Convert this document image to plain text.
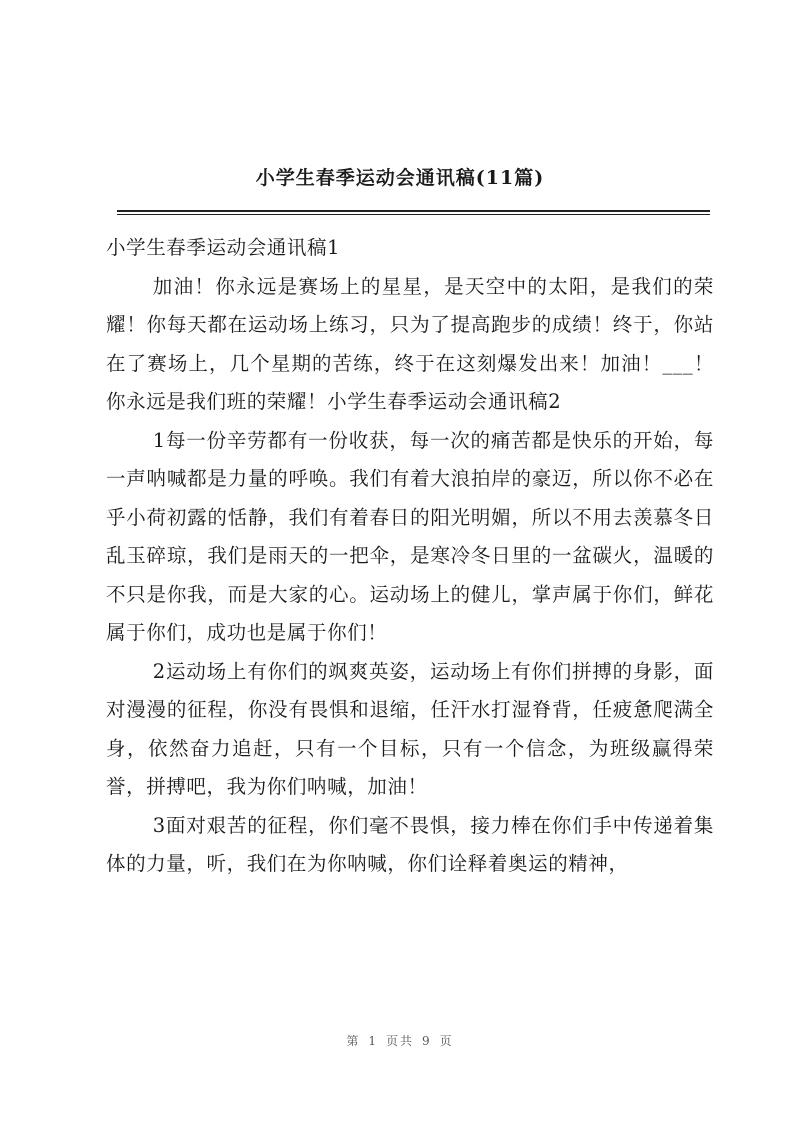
小学生春季运动会通讯稿(11篇)

小学生春季运动会通讯稿1

加油！你永远是赛场上的星星，是天空中的太阳，是我们的荣耀！你每天都在运动场上练习，只为了提高跑步的成绩！终于，你站在了赛场上，几个星期的苦练，终于在这刻爆发出来！加油！___！你永远是我们班的荣耀！小学生春季运动会通讯稿2

1每一份辛劳都有一份收获，每一次的痛苦都是快乐的开始，每一声呐喊都是力量的呼唤。我们有着大浪拍岸的豪迈，所以你不必在乎小荷初露的恬静，我们有着春日的阳光明媚，所以不用去羡慕冬日乱玉碎琼，我们是雨天的一把伞，是寒冷冬日里的一盆碳火，温暖的不只是你我，而是大家的心。运动场上的健儿，掌声属于你们，鲜花属于你们，成功也是属于你们！

2运动场上有你们的飒爽英姿，运动场上有你们拼搏的身影，面对漫漫的征程，你没有畏惧和退缩，任汗水打湿脊背，任疲惫爬满全身，依然奋力追赶，只有一个目标，只有一个信念，为班级赢得荣誉，拼搏吧，我为你们呐喊，加油！

3面对艰苦的征程，你们毫不畏惧，接力棒在你们手中传递着集体的力量，听，我们在为你呐喊，你们诠释着奥运的精神，

第 1 页共 9 页
